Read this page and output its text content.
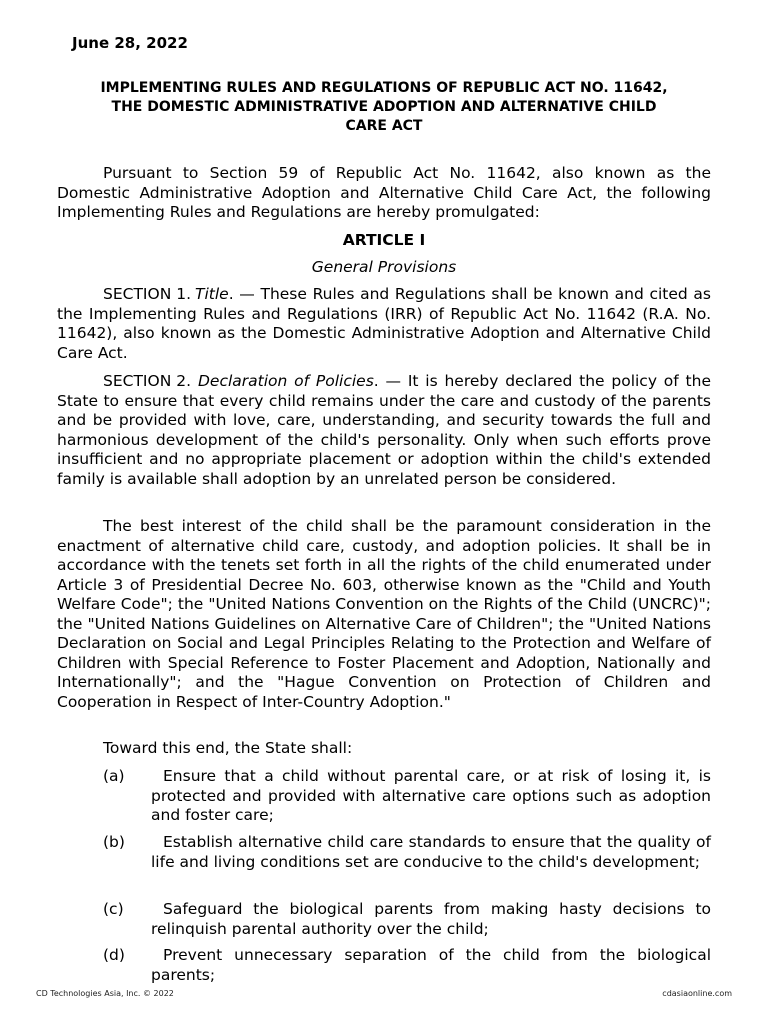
June 28, 2022
IMPLEMENTING RULES AND REGULATIONS OF REPUBLIC ACT NO. 11642,
THE DOMESTIC ADMINISTRATIVE ADOPTION AND ALTERNATIVE CHILD
CARE ACT
Pursuant to Section 59 of Republic Act No. 11642, also known as the Domestic Administrative Adoption and Alternative Child Care Act, the following Implementing Rules and Regulations are hereby promulgated:
ARTICLE I
General Provisions
SECTION 1. Title. — These Rules and Regulations shall be known and cited as the Implementing Rules and Regulations (IRR) of Republic Act No. 11642 (R.A. No. 11642), also known as the Domestic Administrative Adoption and Alternative Child Care Act.
SECTION 2. Declaration of Policies. — It is hereby declared the policy of the State to ensure that every child remains under the care and custody of the parents and be provided with love, care, understanding, and security towards the full and harmonious development of the child's personality. Only when such efforts prove insufficient and no appropriate placement or adoption within the child's extended family is available shall adoption by an unrelated person be considered.
The best interest of the child shall be the paramount consideration in the enactment of alternative child care, custody, and adoption policies. It shall be in accordance with the tenets set forth in all the rights of the child enumerated under Article 3 of Presidential Decree No. 603, otherwise known as the "Child and Youth Welfare Code"; the "United Nations Convention on the Rights of the Child (UNCRC)"; the "United Nations Guidelines on Alternative Care of Children"; the "United Nations Declaration on Social and Legal Principles Relating to the Protection and Welfare of Children with Special Reference to Foster Placement and Adoption, Nationally and Internationally"; and the "Hague Convention on Protection of Children and Cooperation in Respect of Inter-Country Adoption."
Toward this end, the State shall:
(a)	Ensure that a child without parental care, or at risk of losing it, is protected and provided with alternative care options such as adoption and foster care;
(b)	Establish alternative child care standards to ensure that the quality of life and living conditions set are conducive to the child's development;
(c)	Safeguard the biological parents from making hasty decisions to relinquish parental authority over the child;
(d)	Prevent unnecessary separation of the child from the biological parents;
CD Technologies Asia, Inc. © 2022	cdasiaonline.com
